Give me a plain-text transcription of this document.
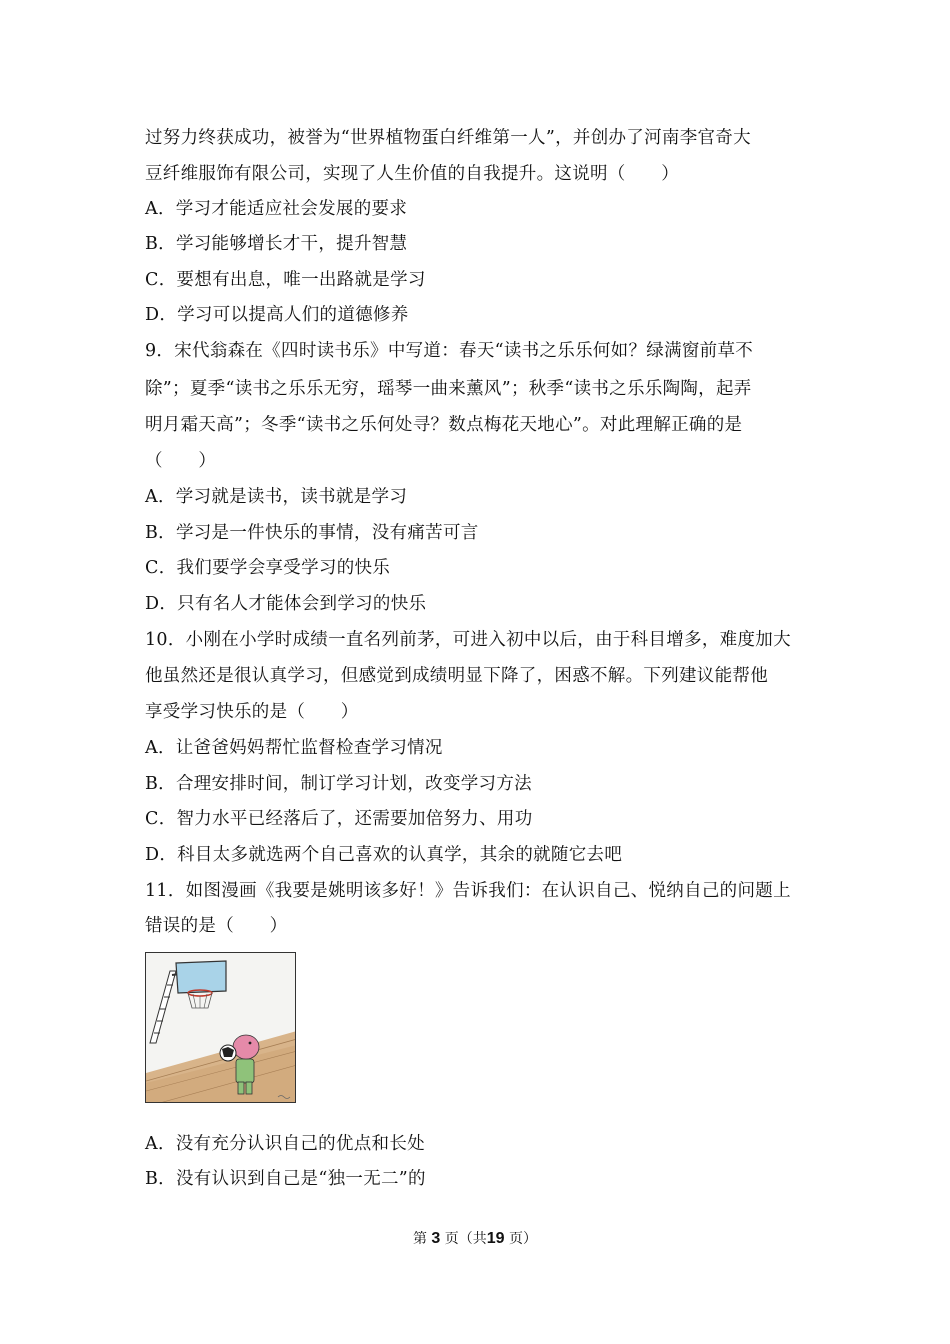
过努力终获成功，被誉为“世界植物蛋白纤维第一人”，并创办了河南李官奇大
豆纤维服饰有限公司，实现了人生价值的自我提升。这说明（　　）
A．学习才能适应社会发展的要求
B．学习能够增长才干，提升智慧
C．要想有出息，唯一出路就是学习
D．学习可以提高人们的道德修养
9．宋代翁森在《四时读书乐》中写道：春天“读书之乐乐何如？绿满窗前草不
除”；夏季“读书之乐乐无穷，瑶琴一曲来薰风”；秋季“读书之乐乐陶陶，起弄
明月霜天高”；冬季“读书之乐何处寻？数点梅花天地心”。对此理解正确的是
（　　）
A．学习就是读书，读书就是学习
B．学习是一件快乐的事情，没有痛苦可言
C．我们要学会享受学习的快乐
D．只有名人才能体会到学习的快乐
10．小刚在小学时成绩一直名列前茅，可进入初中以后，由于科目增多，难度加大
他虽然还是很认真学习，但感觉到成绩明显下降了，困惑不解。下列建议能帮他
享受学习快乐的是（　　）
A．让爸爸妈妈帮忙监督检查学习情况
B．合理安排时间，制订学习计划，改变学习方法
C．智力水平已经落后了，还需要加倍努力、用功
D．科目太多就选两个自己喜欢的认真学，其余的就随它去吧
11．如图漫画《我要是姚明该多好！》告诉我们：在认识自己、悦纳自己的问题上
错误的是（　　）
A．没有充分认识自己的优点和长处
B．没有认识到自己是“独一无二”的
第 3 页（共19 页）
